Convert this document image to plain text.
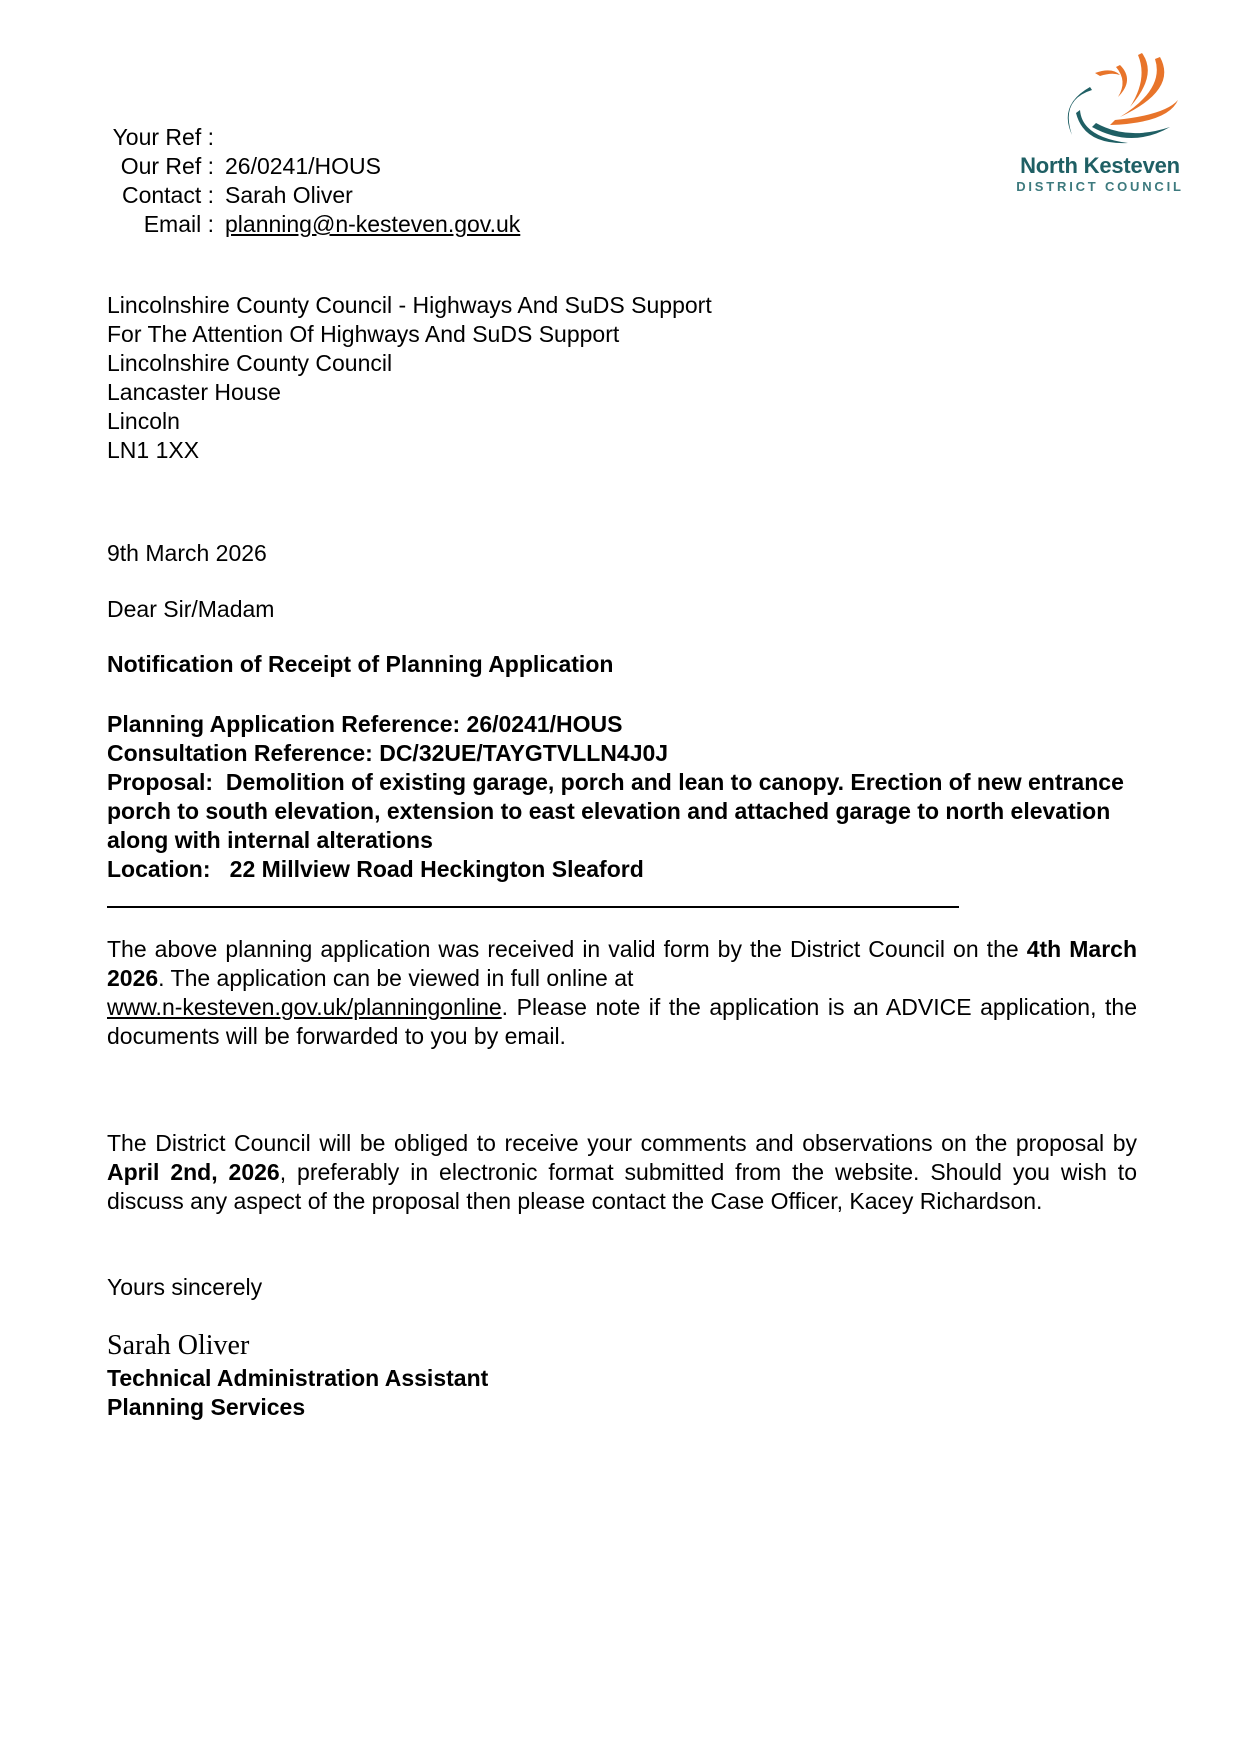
Your Ref :
Our Ref : 26/0241/HOUS
Contact : Sarah Oliver
Email : planning@n-kesteven.gov.uk
North Kesteven
DISTRICT COUNCIL
Lincolnshire County Council - Highways And SuDS Support
For The Attention Of Highways And SuDS Support
Lincolnshire County Council
Lancaster House
Lincoln
LN1 1XX
9th March 2026
Dear Sir/Madam
Notification of Receipt of Planning Application
Planning Application Reference: 26/0241/HOUS
Consultation Reference: DC/32UE/TAYGTVLLN4J0J
Proposal: Demolition of existing garage, porch and lean to canopy. Erection of new entrance porch to south elevation, extension to east elevation and attached garage to north elevation along with internal alterations
Location: 22 Millview Road Heckington Sleaford
The above planning application was received in valid form by the District Council on the 4th March 2026. The application can be viewed in full online at
www.n-kesteven.gov.uk/planningonline. Please note if the application is an ADVICE application, the documents will be forwarded to you by email.
The District Council will be obliged to receive your comments and observations on the proposal by April 2nd, 2026, preferably in electronic format submitted from the website. Should you wish to discuss any aspect of the proposal then please contact the Case Officer, Kacey Richardson.
Yours sincerely
Sarah Oliver
Technical Administration Assistant
Planning Services
